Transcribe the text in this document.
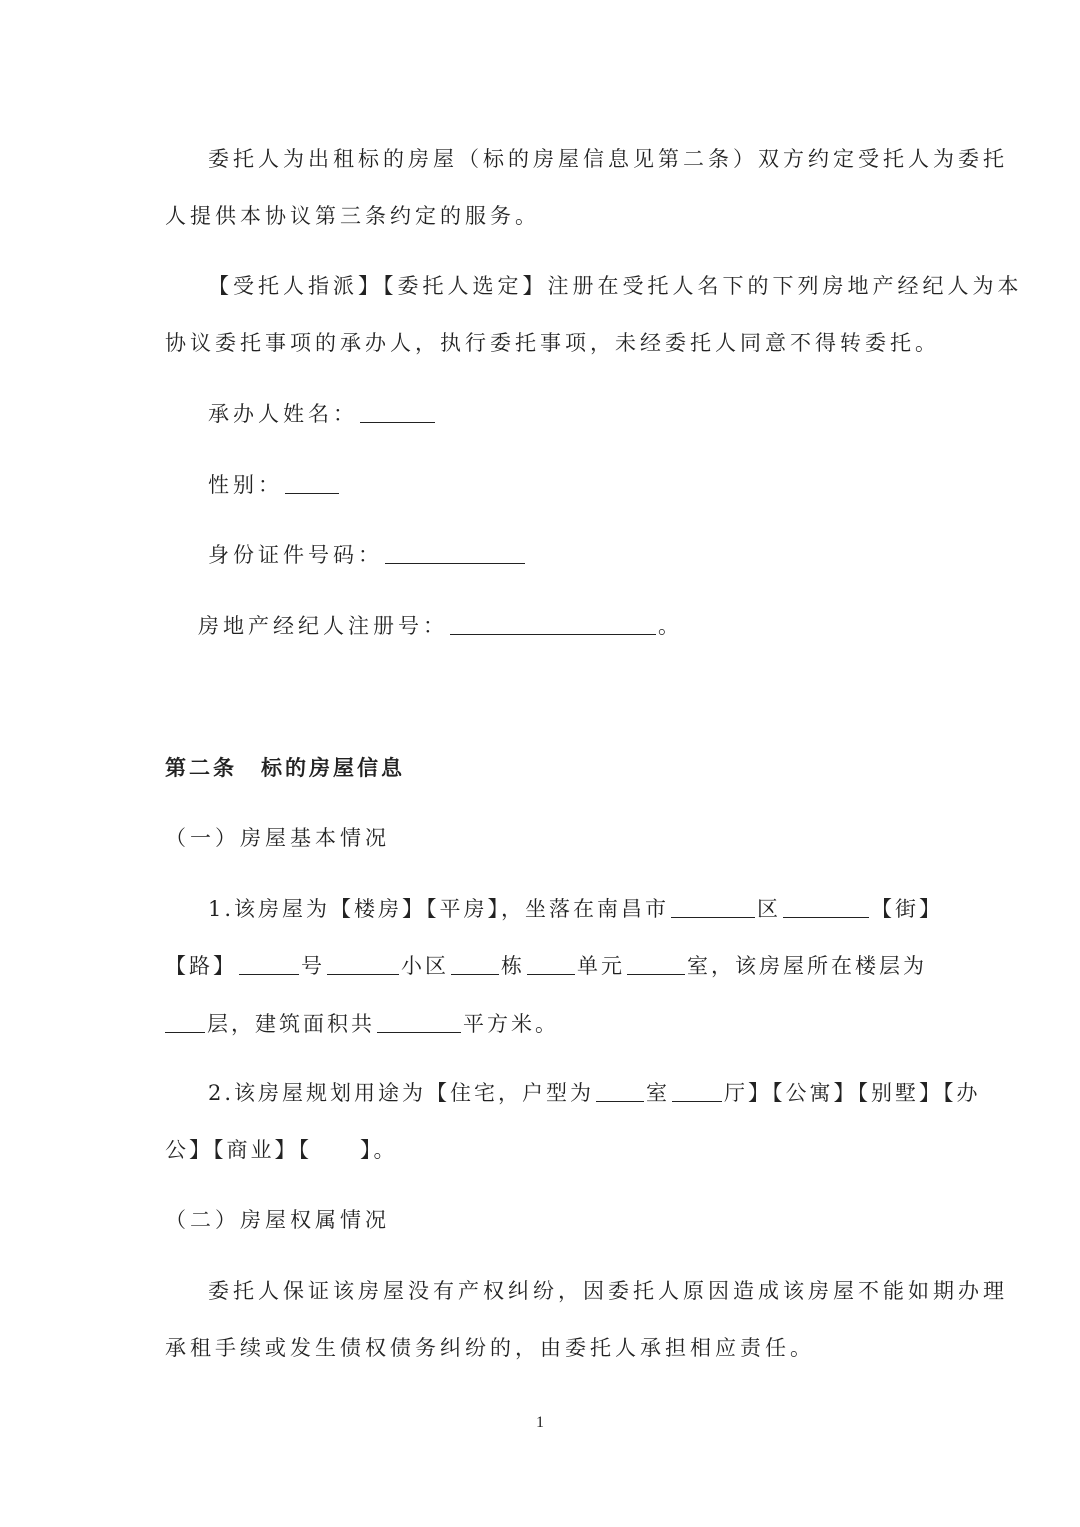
委托人为出租标的房屋（标的房屋信息见第二条）双方约定受托人为委托
人提供本协议第三条约定的服务。
【受托人指派】【委托人选定】注册在受托人名下的下列房地产经纪人为本
协议委托事项的承办人，执行委托事项，未经委托人同意不得转委托。
承办人姓名：
性别：
身份证件号码：
房地产经纪人注册号：	。
第二条　标的房屋信息
（一）房屋基本情况
1.该房屋为【楼房】【平房】，坐落在南昌市	区	【街】
【路】	号	小区 栋 单元	室，该房屋所在楼层为
层，建筑面积共	平方米。
2.该房屋规划用途为【住宅，户型为 室	厅】【公寓】【别墅】【办
公】【商业】【　　】。
（二）房屋权属情况
委托人保证该房屋没有产权纠纷，因委托人原因造成该房屋不能如期办理
承租手续或发生债权债务纠纷的，由委托人承担相应责任。
1
